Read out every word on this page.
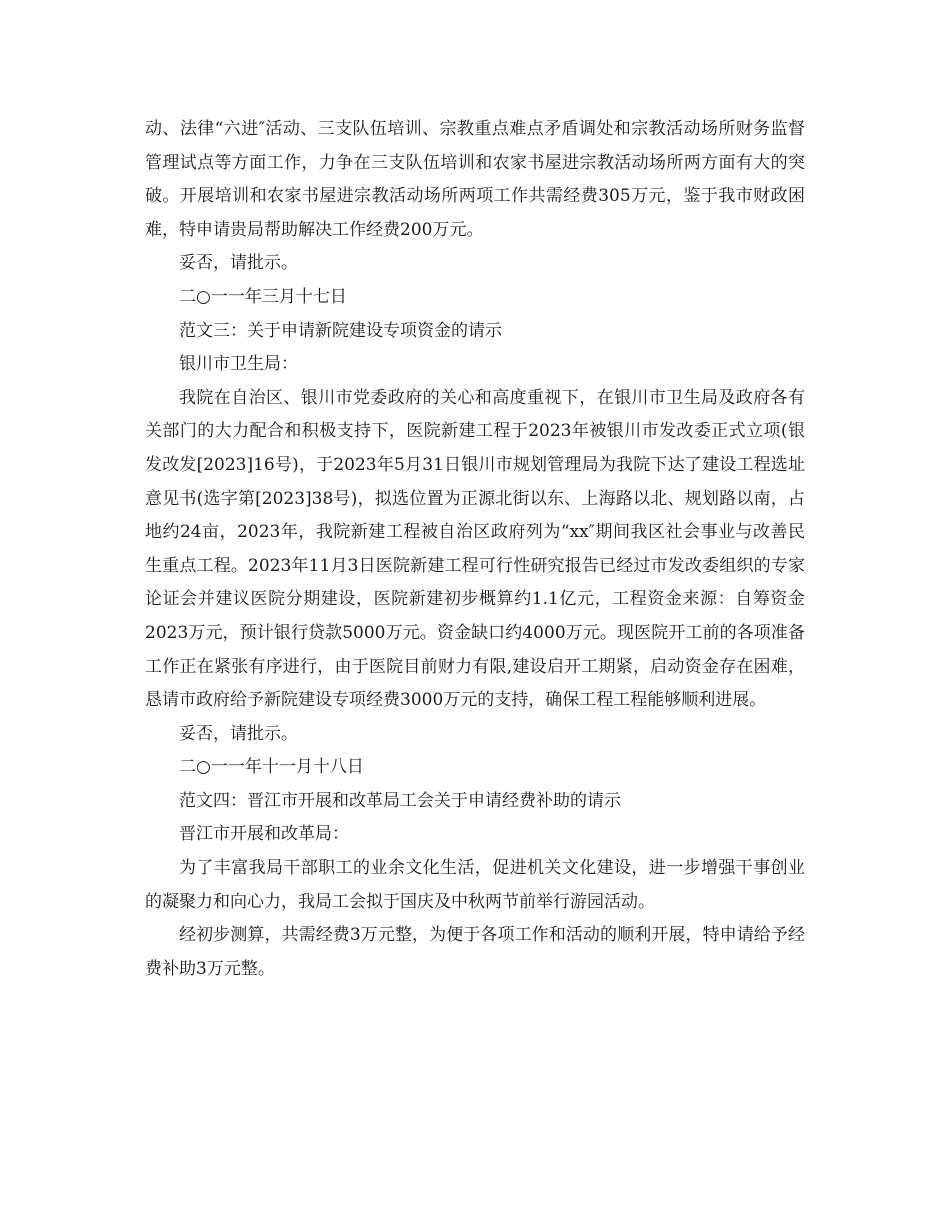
动、法律“六进″活动、三支队伍培训、宗教重点难点矛盾调处和宗教活动场所财务监督管理试点等方面工作，力争在三支队伍培训和农家书屋进宗教活动场所两方面有大的突破。开展培训和农家书屋进宗教活动场所两项工作共需经费305万元，鉴于我市财政困难，特申请贵局帮助解决工作经费200万元。

妥否，请批示。

二○一一年三月十七日

范文三：关于申请新院建设专项资金的请示

银川市卫生局：

我院在自治区、银川市党委政府的关心和高度重视下，在银川市卫生局及政府各有关部门的大力配合和积极支持下，医院新建工程于2023年被银川市发改委正式立项(银发改发[2023]16号)，于2023年5月31日银川市规划管理局为我院下达了建设工程选址意见书(选字第[2023]38号)，拟选位置为正源北街以东、上海路以北、规划路以南，占地约24亩，2023年，我院新建工程被自治区政府列为“xx″期间我区社会事业与改善民生重点工程。2023年11月3日医院新建工程可行性研究报告已经过市发改委组织的专家论证会并建议医院分期建设，医院新建初步概算约1.1亿元，工程资金来源：自筹资金2023万元，预计银行贷款5000万元。资金缺口约4000万元。现医院开工前的各项准备工作正在紧张有序进行，由于医院目前财力有限,建设启开工期紧，启动资金存在困难，恳请市政府给予新院建设专项经费3000万元的支持，确保工程工程能够顺利进展。

妥否，请批示。

二○一一年十一月十八日

范文四：晋江市开展和改革局工会关于申请经费补助的请示

晋江市开展和改革局：

为了丰富我局干部职工的业余文化生活，促进机关文化建设，进一步增强干事创业的凝聚力和向心力，我局工会拟于国庆及中秋两节前举行游园活动。

经初步测算，共需经费3万元整，为便于各项工作和活动的顺利开展，特申请给予经费补助3万元整。
